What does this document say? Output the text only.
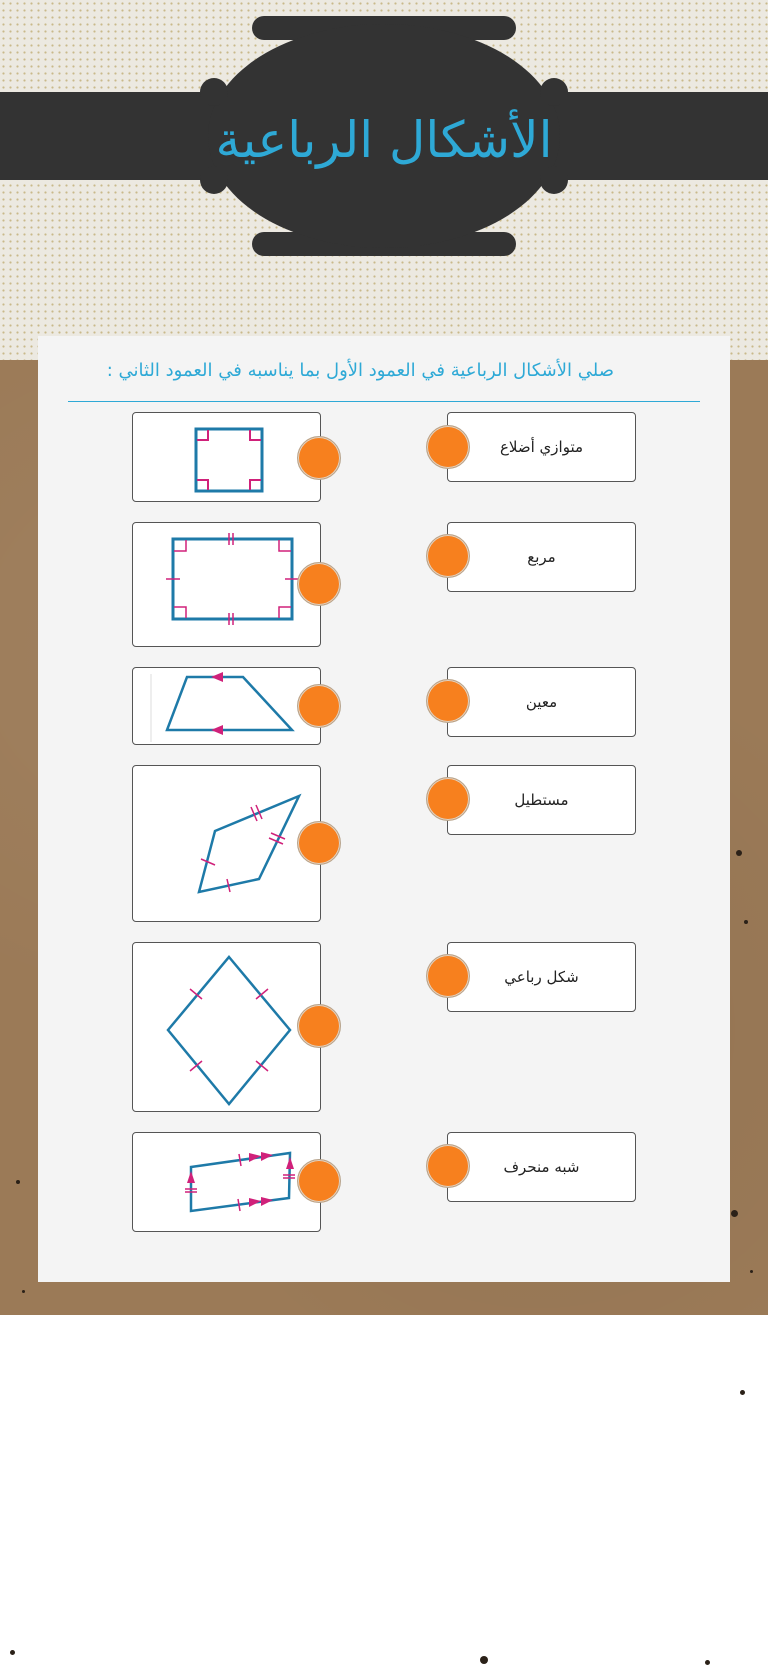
الأشكال الرباعية
صلي الأشكال الرباعية في العمود الأول بما يناسبه في العمود الثاني :
متوازي أضلاع
مربع
معين
مستطيل
شكل رباعي
شبه منحرف
